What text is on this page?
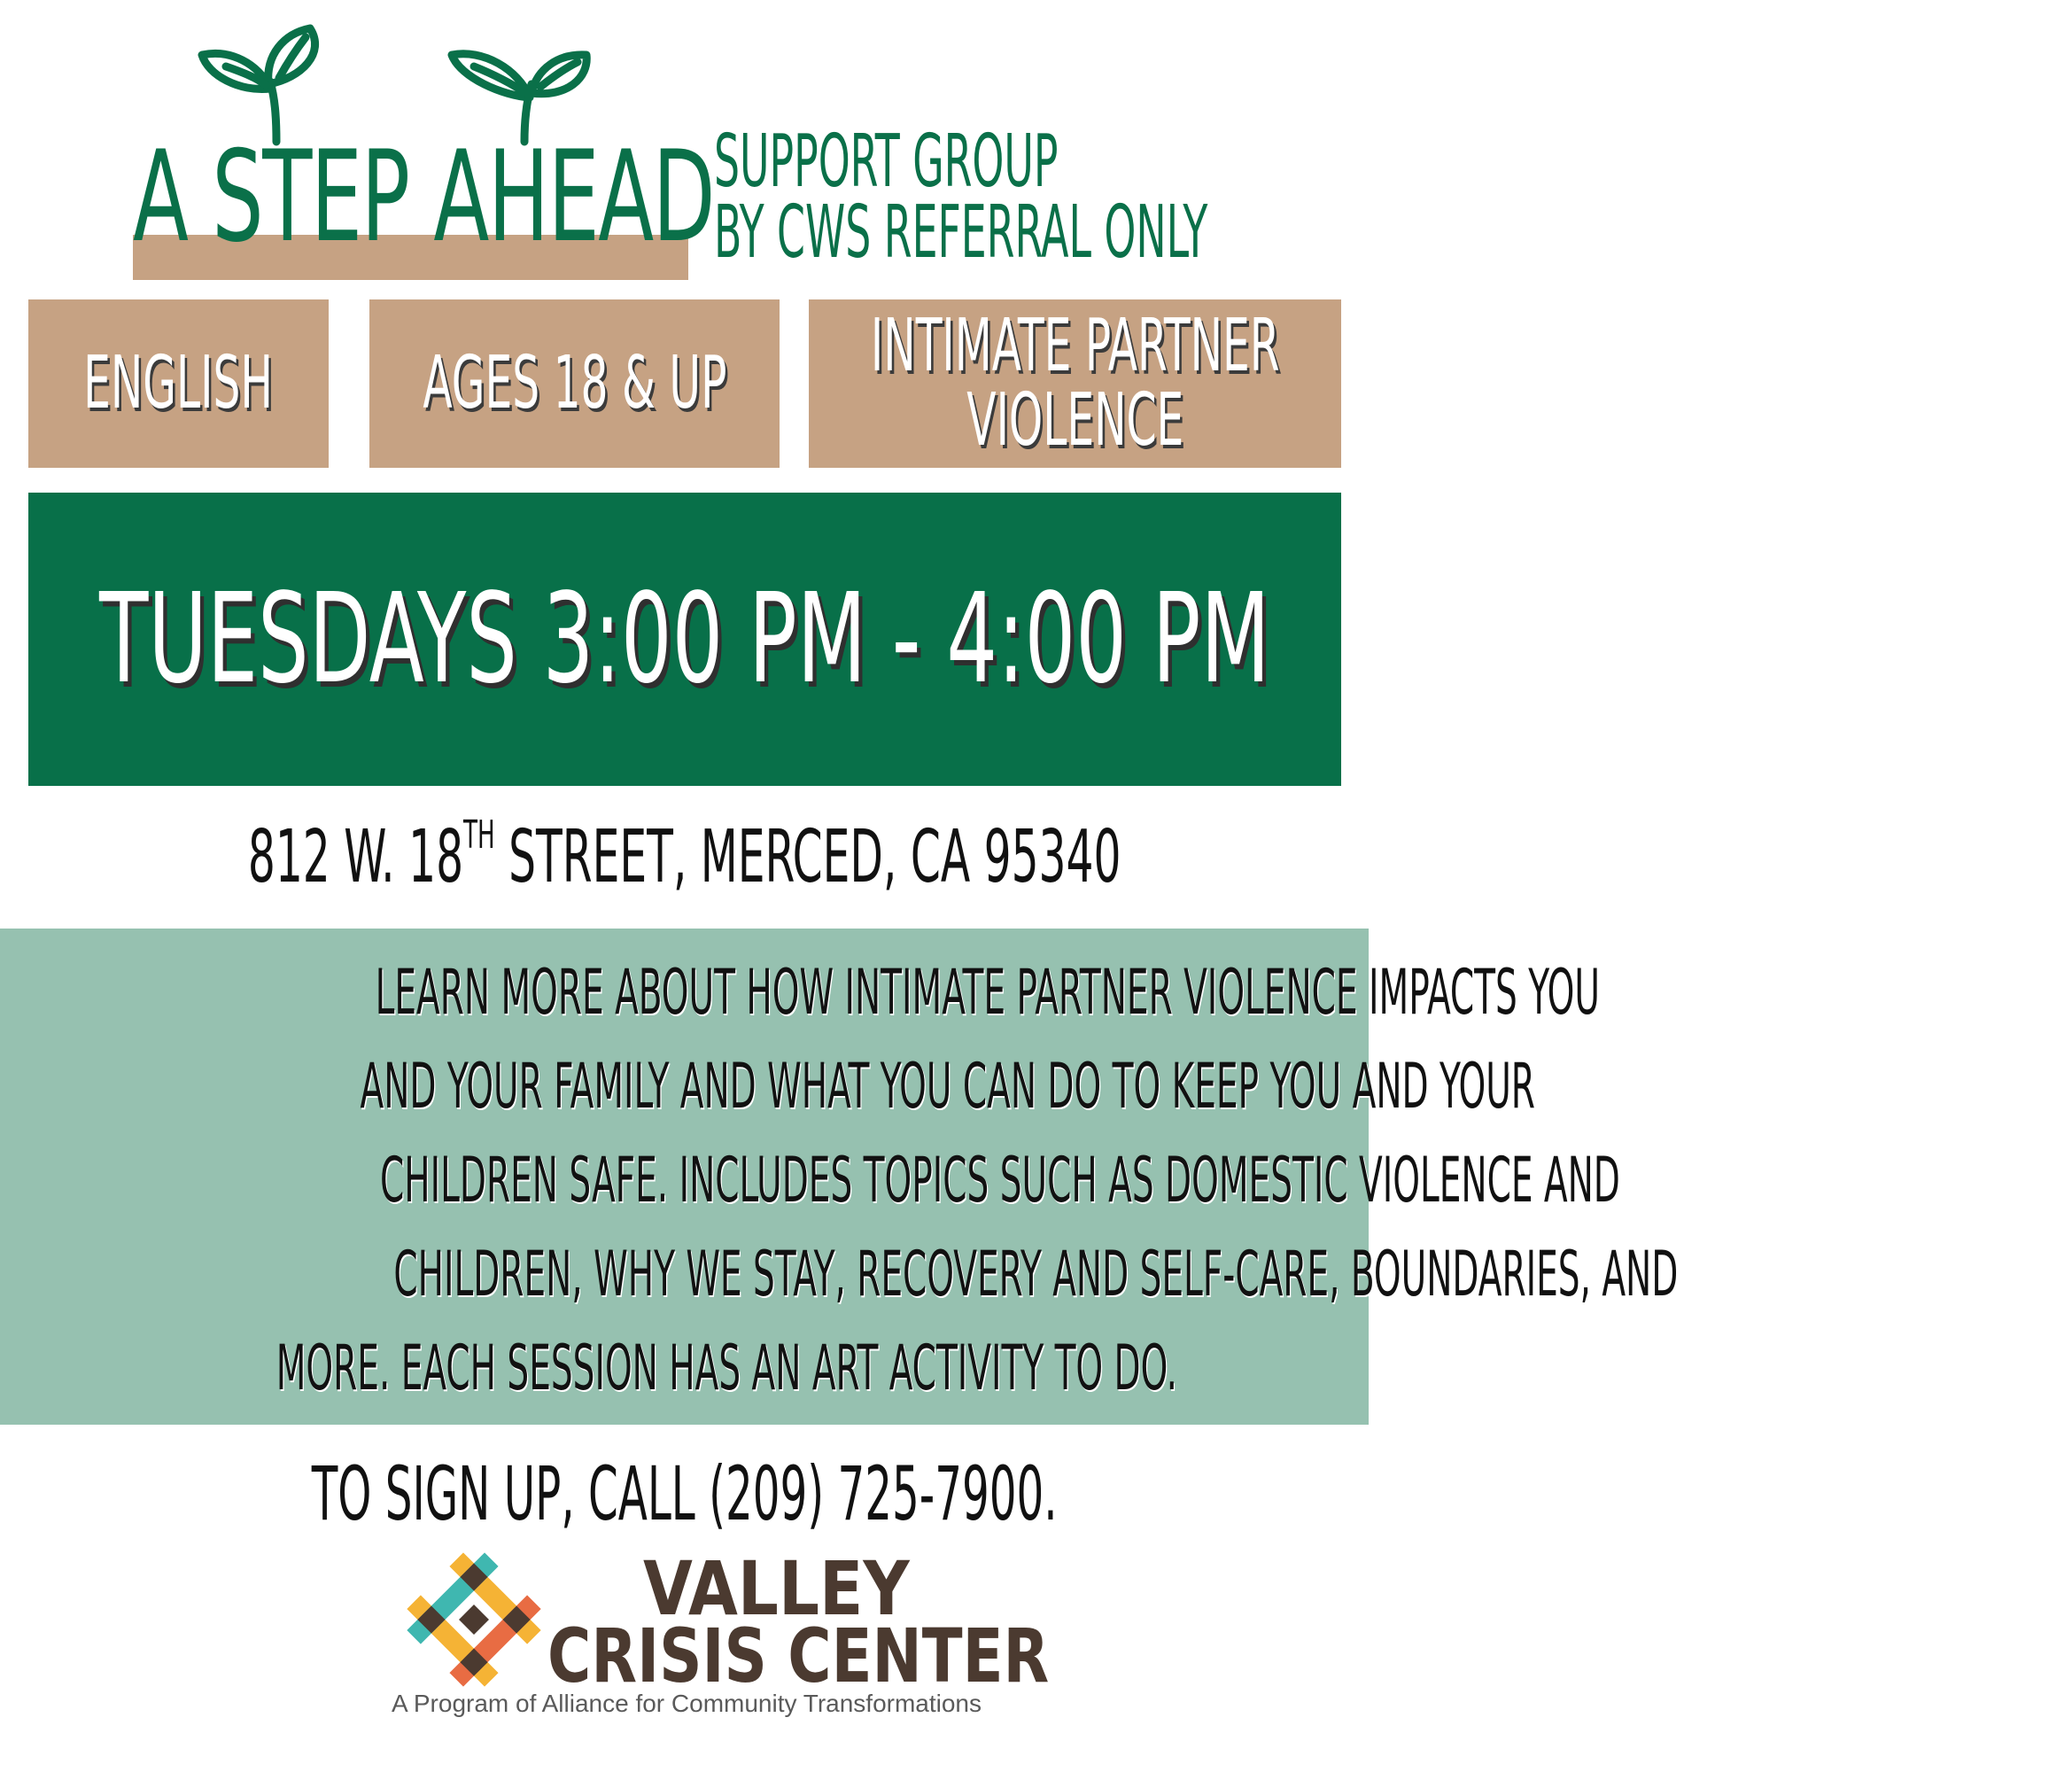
A STEP AHEAD SUPPORT GROUP
BY CWS REFERRAL ONLY
ENGLISH AGES 18 & UP INTIMATE PARTNER
VIOLENCE
TUESDAYS 3:00 PM - 4:00 PM
812 W. 18TH STREET, MERCED, CA 95340
LEARN MORE ABOUT HOW INTIMATE PARTNER VIOLENCE IMPACTS YOU
AND YOUR FAMILY AND WHAT YOU CAN DO TO KEEP YOU AND YOUR
CHILDREN SAFE. INCLUDES TOPICS SUCH AS DOMESTIC VIOLENCE AND
CHILDREN, WHY WE STAY, RECOVERY AND SELF-CARE, BOUNDARIES, AND
MORE. EACH SESSION HAS AN ART ACTIVITY TO DO.
TO SIGN UP, CALL (209) 725-7900.
VALLEY
CRISIS CENTER
A Program of Alliance for Community Transformations
